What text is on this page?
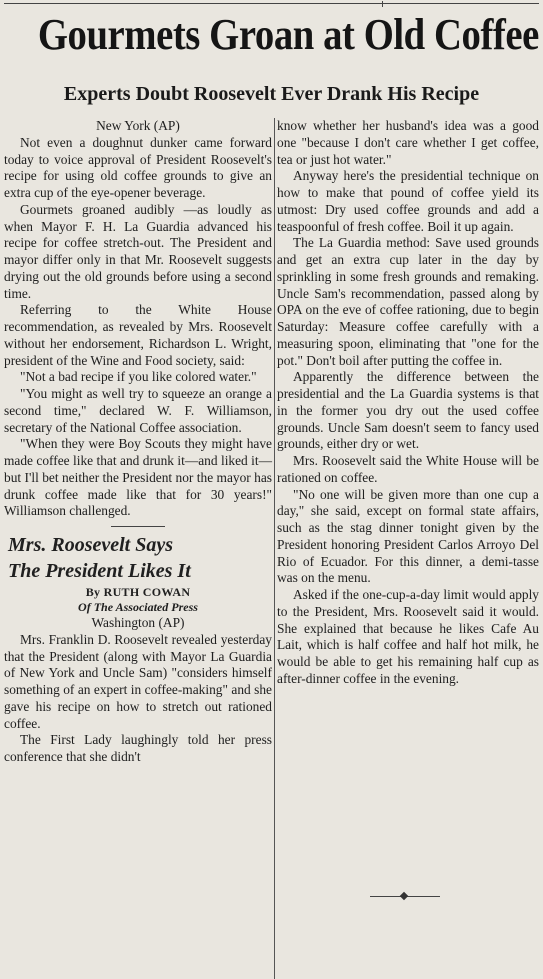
Gourmets Groan at Old Coffee
Experts Doubt Roosevelt Ever Drank His Recipe

New York (AP)

Not even a doughnut dunker came forward today to voice approval of President Roosevelt's recipe for using old coffee grounds to give an extra cup of the eye-opener beverage.

Gourmets groaned audibly —as loudly as when Mayor F. H. La Guardia advanced his recipe for coffee stretch-out. The President and mayor differ only in that Mr. Roosevelt suggests drying out the old grounds before using a second time.

Referring to the White House recommendation, as revealed by Mrs. Roosevelt without her endorsement, Richardson L. Wright, president of the Wine and Food society, said:

"Not a bad recipe if you like colored water."

"You might as well try to squeeze an orange a second time," declared W. F. Williamson, secretary of the National Coffee association.

"When they were Boy Scouts they might have made coffee like that and drunk it—and liked it—but I'll bet neither the President nor the mayor has drunk coffee made like that for 30 years!" Williamson challenged.

Mrs. Roosevelt Says
The President Likes It
By RUTH COWAN
Of The Associated Press

Washington (AP)

Mrs. Franklin D. Roosevelt revealed yesterday that the President (along with Mayor La Guardia of New York and Uncle Sam) "considers himself something of an expert in coffee-making" and she gave his recipe on how to stretch out rationed coffee.

The First Lady laughingly told her press conference that she didn't

know whether her husband's idea was a good one "because I don't care whether I get coffee, tea or just hot water."

Anyway here's the presidential technique on how to make that pound of coffee yield its utmost: Dry used coffee grounds and add a teaspoonful of fresh coffee. Boil it up again.

The La Guardia method: Save used grounds and get an extra cup later in the day by sprinkling in some fresh grounds and remaking. Uncle Sam's recommendation, passed along by OPA on the eve of coffee rationing, due to begin Saturday: Measure coffee carefully with a measuring spoon, eliminating that "one for the pot." Don't boil after putting the coffee in.

Apparently the difference between the presidential and the La Guardia systems is that in the former you dry out the used coffee grounds. Uncle Sam doesn't seem to fancy used grounds, either dry or wet.

Mrs. Roosevelt said the White House will be rationed on coffee.

"No one will be given more than one cup a day," she said, except on formal state affairs, such as the stag dinner tonight given by the President honoring President Carlos Arroyo Del Rio of Ecuador. For this dinner, a demi-tasse was on the menu.

Asked if the one-cup-a-day limit would apply to the President, Mrs. Roosevelt said it would. She explained that because he likes Cafe Au Lait, which is half coffee and half hot milk, he would be able to get his remaining half cup as after-dinner coffee in the evening.
